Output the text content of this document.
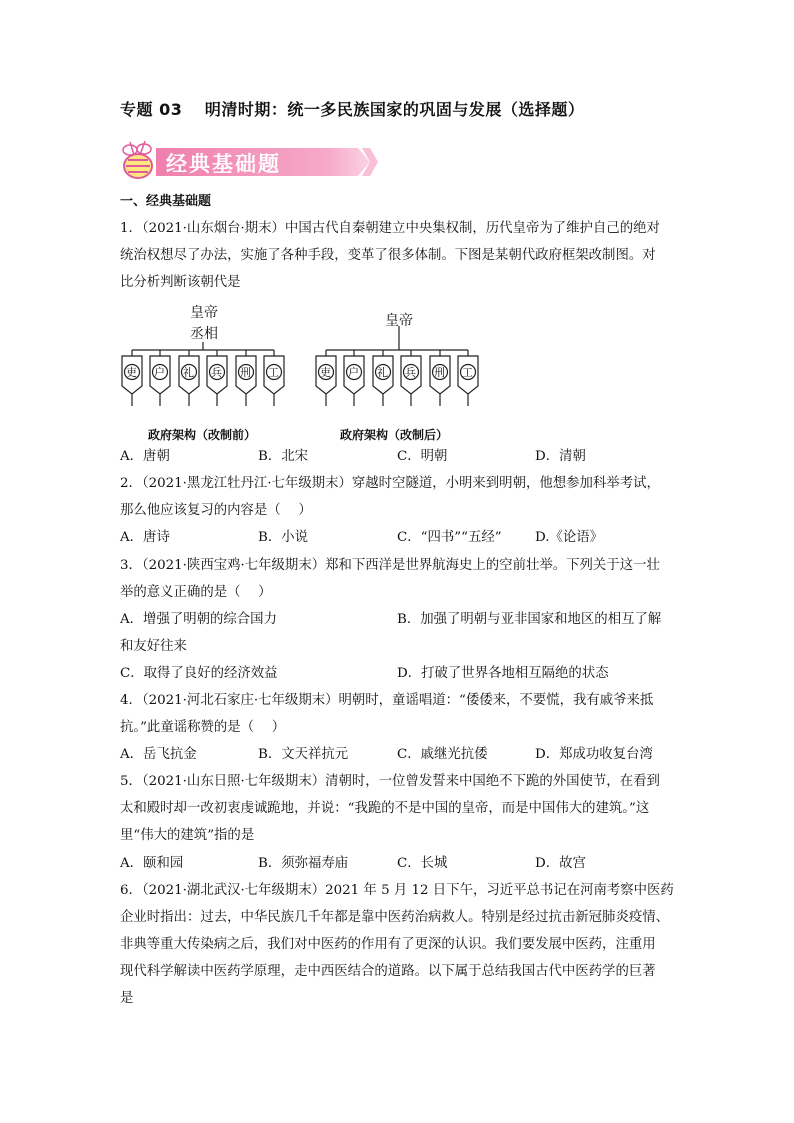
专题 03　 明清时期：统一多民族国家的巩固与发展（选择题）
经典基础题
一、经典基础题
1．（2021·山东烟台·期末）中国古代自秦朝建立中央集权制，历代皇帝为了维护自己的绝对
统治权想尽了办法，实施了各种手段，变革了很多体制。下图是某朝代政府框架改制图。对
比分析判断该朝代是
皇帝
丞相
皇帝
吏 户 礼 兵 刑 工	吏 户 礼 兵 刑 工
政府架构（改制前）	政府架构（改制后）
A．唐朝	B．北宋	C．明朝	D．清朝
2．（2021·黑龙江牡丹江·七年级期末）穿越时空隧道，小明来到明朝，他想参加科举考试，
那么他应该复习的内容是（　 ）
A．唐诗	B．小说	C．“四书”“五经” D.《论语》
3．（2021·陕西宝鸡·七年级期末）郑和下西洋是世界航海史上的空前壮举。下列关于这一壮
举的意义正确的是（　 ）
A．增强了明朝的综合国力	B．加强了明朝与亚非国家和地区的相互了解
和友好往来
C．取得了良好的经济效益	D．打破了世界各地相互隔绝的状态
4．（2021·河北石家庄·七年级期末）明朝时，童谣唱道：“倭倭来，不要慌，我有戚爷来抵
抗。”此童谣称赞的是（　 ）
A．岳飞抗金	B．文天祥抗元	C．戚继光抗倭	D．郑成功收复台湾
5．（2021·山东日照·七年级期末）清朝时，一位曾发誓来中国绝不下跪的外国使节，在看到
太和殿时却一改初衷虔诚跪地，并说：“我跪的不是中国的皇帝，而是中国伟大的建筑。”这
里“伟大的建筑”指的是
A．颐和园	B．须弥福寿庙	C．长城	D．故宫
6．（2021·湖北武汉·七年级期末）2021 年 5 月 12 日下午，习近平总书记在河南考察中医药
企业时指出：过去，中华民族几千年都是靠中医药治病救人。特别是经过抗击新冠肺炎疫情、
非典等重大传染病之后，我们对中医药的作用有了更深的认识。我们要发展中医药，注重用
现代科学解读中医药学原理，走中西医结合的道路。以下属于总结我国古代中医药学的巨著
是
